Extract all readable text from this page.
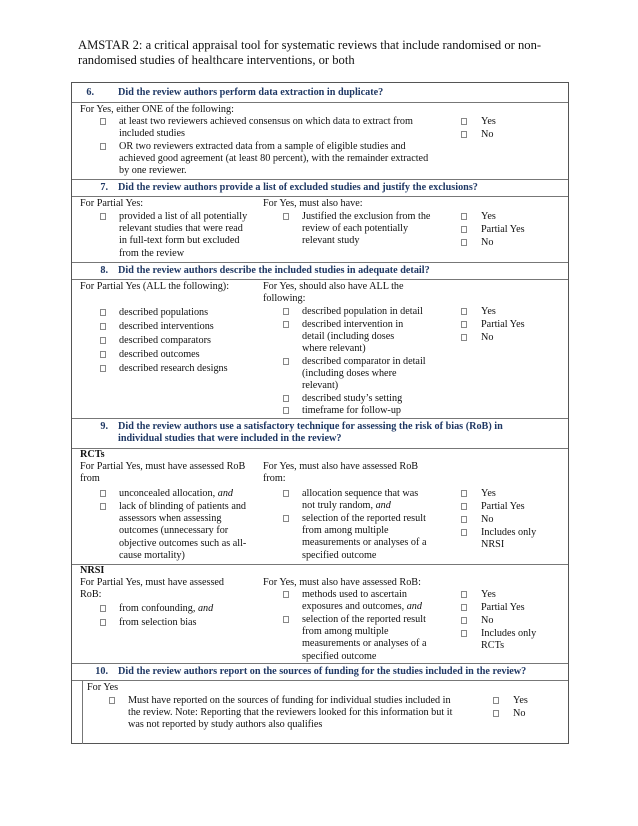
AMSTAR 2: a critical appraisal tool for systematic reviews that include randomised or non-randomised studies of healthcare interventions, or both
6. Did the review authors perform data extraction in duplicate?
For Yes, either ONE of the following:
at least two reviewers achieved consensus on which data to extract from included studies
OR two reviewers extracted data from a sample of eligible studies and achieved good agreement (at least 80 percent), with the remainder extracted by one reviewer.
Yes
No
7. Did the review authors provide a list of excluded studies and justify the exclusions?
For Partial Yes:
provided a list of all potentially relevant studies that were read in full-text form but excluded from the review
For Yes, must also have:
Justified the exclusion from the review of each potentially relevant study
Yes
Partial Yes
No
8. Did the review authors describe the included studies in adequate detail?
For Partial Yes (ALL the following):
described populations
described interventions
described comparators
described outcomes
described research designs
For Yes, should also have ALL the following:
described population in detail
described intervention in detail (including doses where relevant)
described comparator in detail (including doses where relevant)
described study’s setting
timeframe for follow-up
Yes
Partial Yes
No
9. Did the review authors use a satisfactory technique for assessing the risk of bias (RoB) in individual studies that were included in the review?
RCTs
For Partial Yes, must have assessed RoB from
unconcealed allocation, and
lack of blinding of patients and assessors when assessing outcomes (unnecessary for objective outcomes such as all-cause mortality)
For Yes, must also have assessed RoB from:
allocation sequence that was not truly random, and
selection of the reported result from among multiple measurements or analyses of a specified outcome
Yes
Partial Yes
No
Includes only NRSI
NRSI
For Partial Yes, must have assessed RoB:
from confounding, and
from selection bias
For Yes, must also have assessed RoB:
methods used to ascertain exposures and outcomes, and
selection of the reported result from among multiple measurements or analyses of a specified outcome
Yes
Partial Yes
No
Includes only RCTs
10. Did the review authors report on the sources of funding for the studies included in the review?
For Yes
Must have reported on the sources of funding for individual studies included in the review. Note: Reporting that the reviewers looked for this information but it was not reported by study authors also qualifies
Yes
No
